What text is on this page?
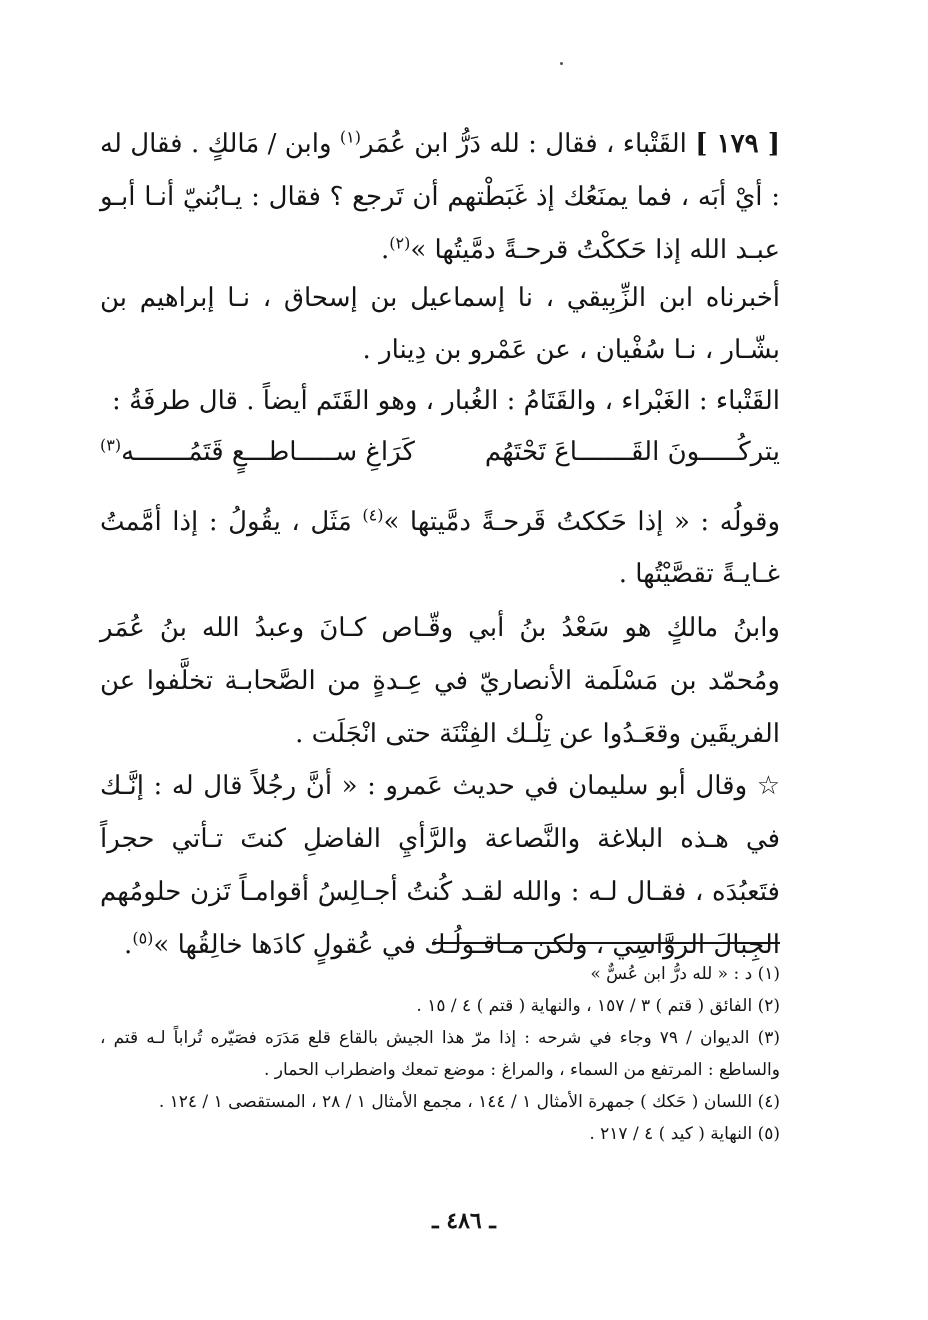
[ ١٧٩ ] القَتْباء ، فقال : لله دَرُّ ابن عُمَر$^{(١)}$ وابن / مَالكٍ . فقال له : أيْ أبَه ، فما يمنَعُك إذ غَبَطْتهم أن تَرجع ؟ فقال : يـابُنيّ أنـا أبـو عبـد الله إذا حَككْتُ قرحـةً دمَّيتُها »$^{(٢)}$.

أخبرناه ابن الزِّبِيقي ، نا إسماعيل بن إسحاق ، نـا إبراهيم بن بشّـار ، نـا سُفْيان ، عن عَمْرو بن دِينار .

القَتْباء : الغَبْراء ، والقَتَامُ : الغُبار ، وهو القَتَم أيضاً . قال طرفَةُ :

يتركُـــــونَ القَـــــــاعَ تَحْتَهُم
كَرَاغِ ســـــاطـــعٍ قَتَمُـــــــه$^{(٣)}$

وقولُه : « إذا حَككتُ قَرحـةً دمَّيتها »$^{(٤)}$ مَثَل ، يقُولُ : إذا أمَّمتُ غـايـةً تقصَّيْتُها .

وابنُ مالكٍ هو سَعْدُ بنُ أبي وقّـاص كـانَ وعبدُ الله بنُ عُمَر ومُحمّد بن مَسْلَمة الأنصاريّ في عِـدةٍ من الصَّحابـة تخلَّفوا عن الفريقَين وقعَـدُوا عن تِلْـك الفِتْنَة حتى انْجَلَت .

☆ وقال أبو سليمان في حديث عَمرو : « أنَّ رجُلاً قال له : إنَّـك في هـذه البلاغة والنَّصاعة والرَّأيِ الفاضلِ كنتَ تـأتي حجراً فتَعبُدَه ، فقـال لـه : والله لقـد كُنتُ أجـالِسُ أقوامـاً تَزن حلومُهم الجِبالَ الروَّاسِي ، ولكن مـاقـولُـك في عُقولٍ كادَها خالِقُها »$^{(٥)}$.

(١) د : « لله درُّ ابن عُسٌّ »

(٢) الفائق ( قتم ) ٣ / ١٥٧ ، والنهاية ( قتم ) ٤ / ١٥ .

(٣) الديوان / ٧٩ وجاء في شرحه : إذا مرّ هذا الجيش بالقاع قلع مَدَرَه فصَيّره تُراباً لـه قتم ، والساطع : المرتفع من السماء ، والمراغ : موضع تمعك واضطراب الحمار .

(٤) اللسان ( حَكك ) جمهرة الأمثال ١ / ١٤٤ ، مجمع الأمثال ١ / ٢٨ ، المستقصى ١ / ١٢٤ .

(٥) النهاية ( كيد ) ٤ / ٢١٧ .

ـ ٤٨٦ ـ
